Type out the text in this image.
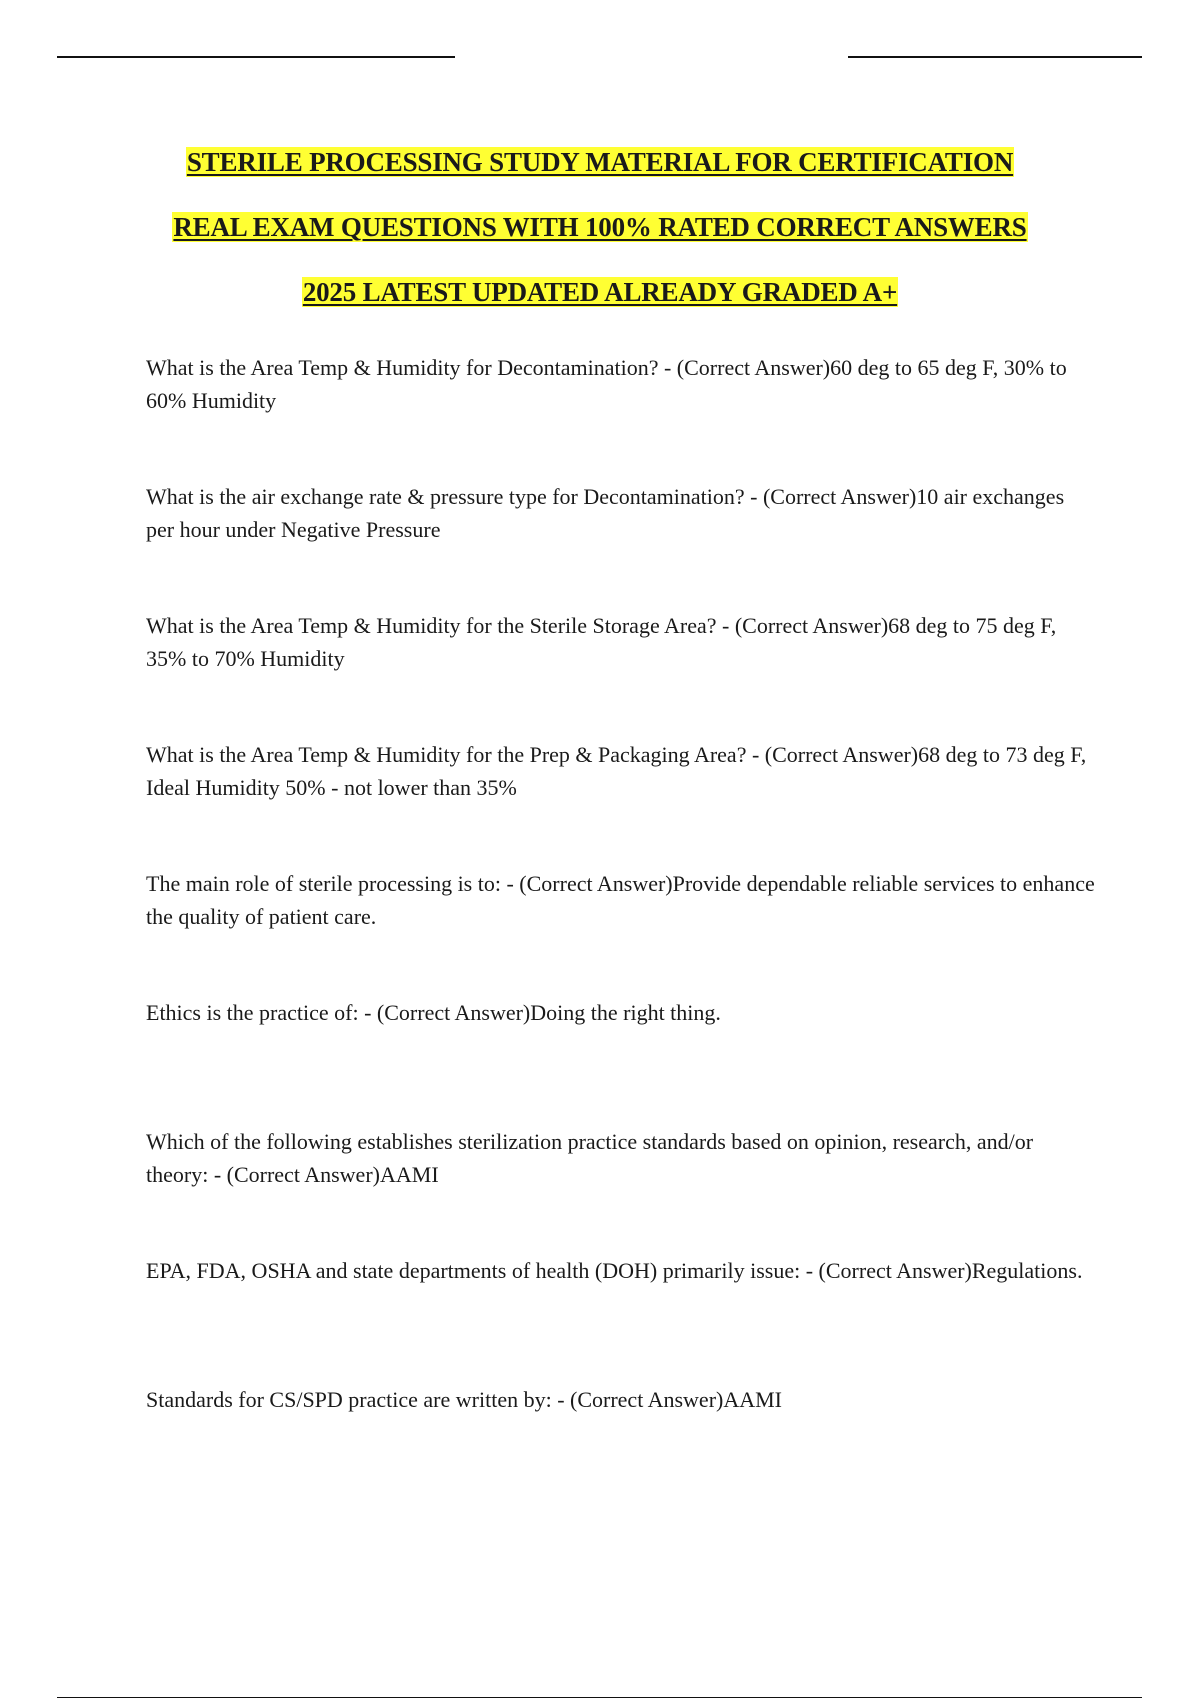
STERILE PROCESSING STUDY MATERIAL FOR CERTIFICATION
REAL EXAM QUESTIONS WITH 100% RATED CORRECT ANSWERS
2025 LATEST UPDATED ALREADY GRADED A+
What is the Area Temp & Humidity for Decontamination? - (Correct Answer)60 deg to 65 deg F, 30% to 60% Humidity
What is the air exchange rate & pressure type for Decontamination? - (Correct Answer)10 air exchanges per hour under Negative Pressure
What is the Area Temp & Humidity for the Sterile Storage Area? - (Correct Answer)68 deg to 75 deg F, 35% to 70% Humidity
What is the Area Temp & Humidity for the Prep & Packaging Area? - (Correct Answer)68 deg to 73 deg F, Ideal Humidity 50% - not lower than 35%
The main role of sterile processing is to: - (Correct Answer)Provide dependable reliable services to enhance the quality of patient care.
Ethics is the practice of: - (Correct Answer)Doing the right thing.
Which of the following establishes sterilization practice standards based on opinion, research, and/or theory: - (Correct Answer)AAMI
EPA, FDA, OSHA and state departments of health (DOH) primarily issue: - (Correct Answer)Regulations.
Standards for CS/SPD practice are written by: - (Correct Answer)AAMI
